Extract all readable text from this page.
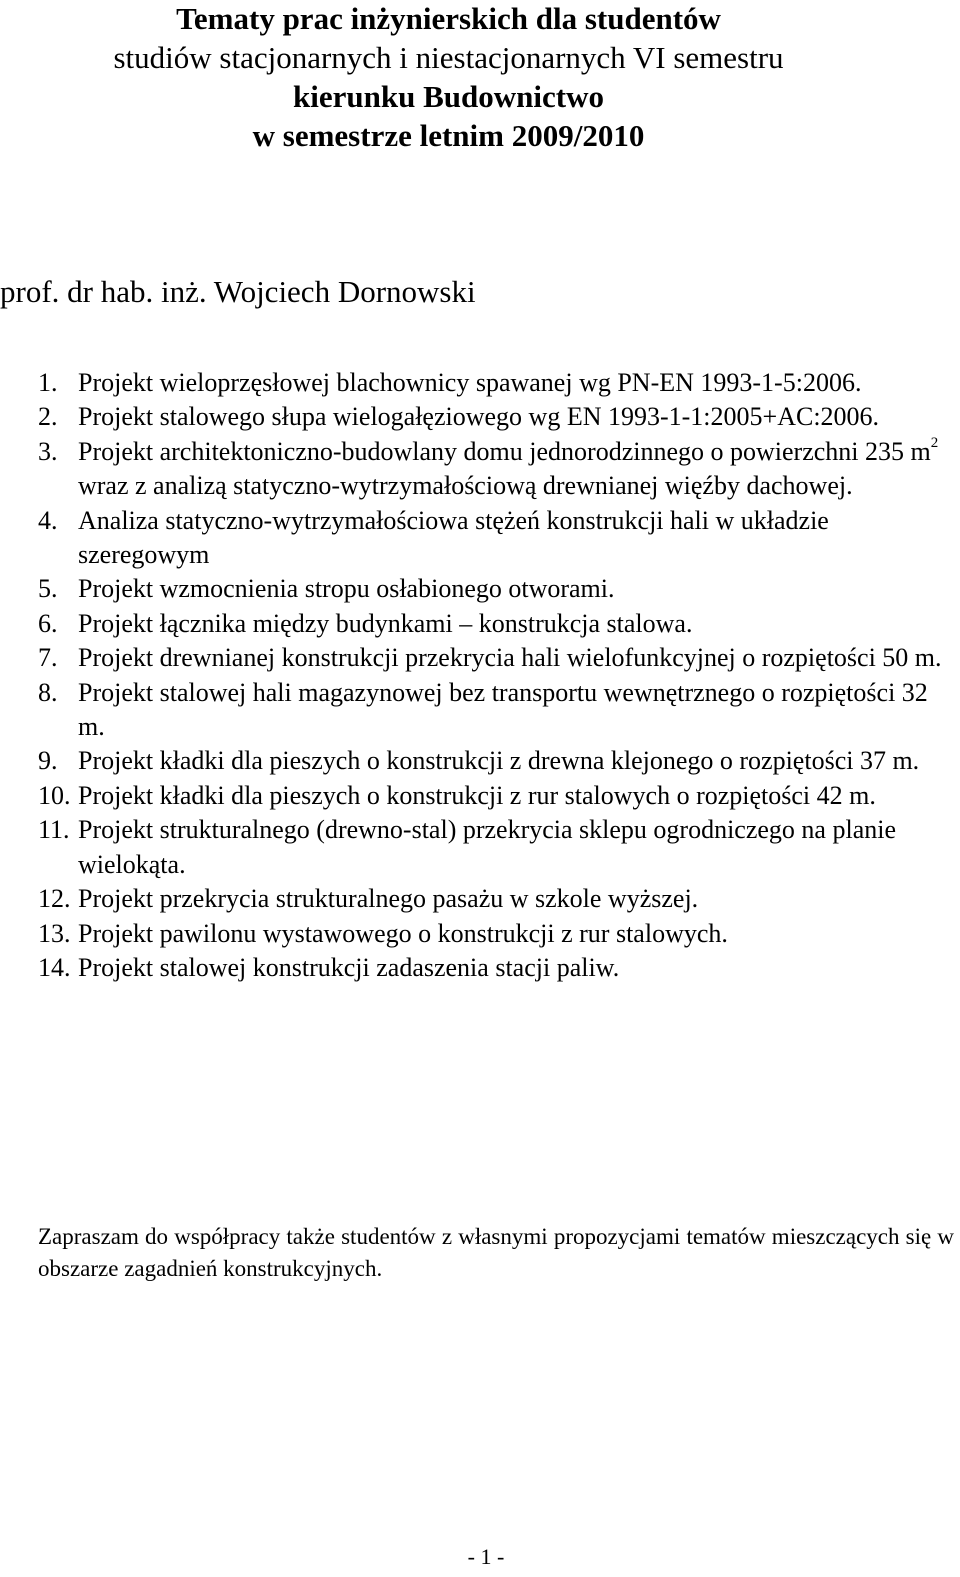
Tematy prac inżynierskich dla studentów
studiów stacjonarnych i niestacjonarnych VI semestru
kierunku Budownictwo
w semestrze letnim 2009/2010
prof. dr hab. inż. Wojciech Dornowski
1. Projekt wieloprzęsłowej blachownicy spawanej wg PN-EN 1993-1-5:2006.
2. Projekt stalowego słupa wielogałęziowego wg EN 1993-1-1:2005+AC:2006.
3. Projekt architektoniczno-budowlany domu jednorodzinnego o powierzchni 235 $m^2$ wraz z analizą statyczno-wytrzymałościową drewnianej więźby dachowej.
4. Analiza statyczno-wytrzymałościowa stężeń konstrukcji hali w układzie szeregowym
5. Projekt wzmocnienia stropu osłabionego otworami.
6. Projekt łącznika między budynkami – konstrukcja stalowa.
7. Projekt drewnianej konstrukcji przekrycia hali wielofunkcyjnej o rozpiętości 50 m.
8. Projekt stalowej hali magazynowej bez transportu wewnętrznego o rozpiętości 32 m.
9. Projekt kładki dla pieszych o konstrukcji z drewna klejonego o rozpiętości 37 m.
10. Projekt kładki dla pieszych o konstrukcji z rur stalowych o rozpiętości 42 m.
11. Projekt strukturalnego (drewno-stal) przekrycia sklepu ogrodniczego na planie wielokąta.
12. Projekt przekrycia strukturalnego pasażu w szkole wyższej.
13. Projekt pawilonu wystawowego o konstrukcji z rur stalowych.
14. Projekt stalowej konstrukcji zadaszenia stacji paliw.

Zapraszam do współpracy także studentów z własnymi propozycjami tematów mieszczących się w obszarze zagadnień konstrukcyjnych.

- 1 -
